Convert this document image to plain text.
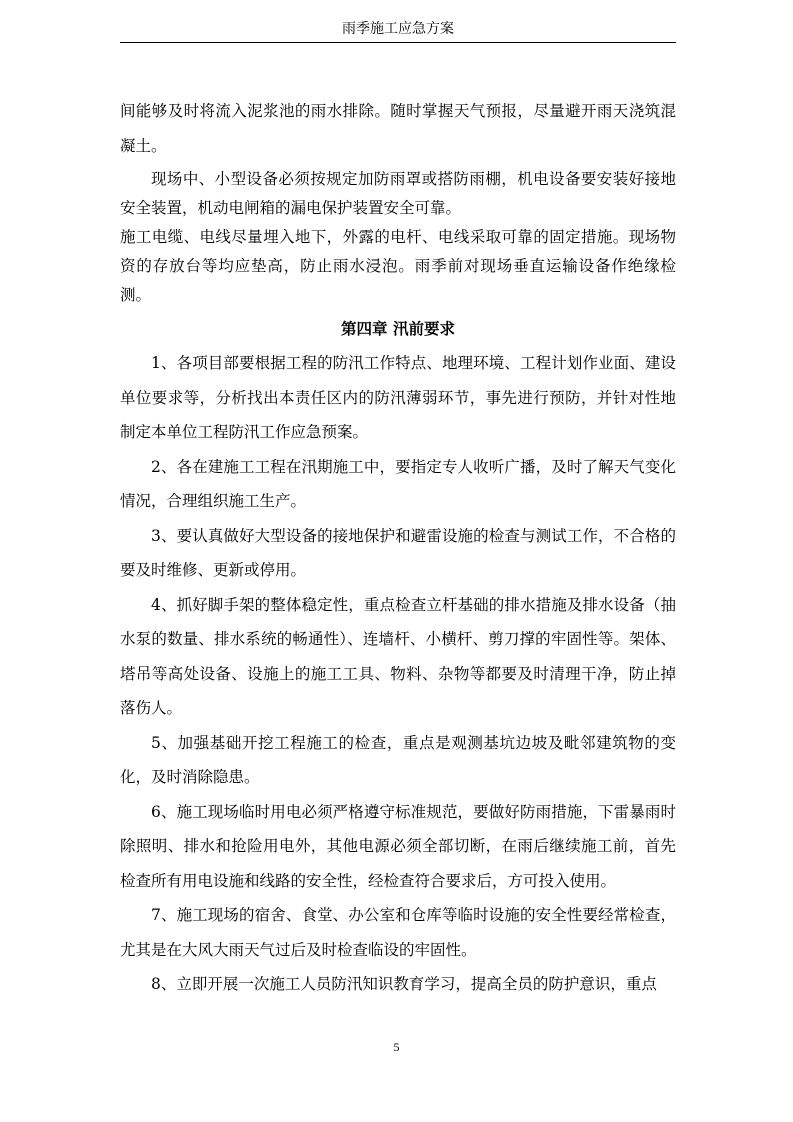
雨季施工应急方案

间能够及时将流入泥浆池的雨水排除。随时掌握天气预报，尽量避开雨天浇筑混凝土。

现场中、小型设备必须按规定加防雨罩或搭防雨棚，机电设备要安装好接地安全装置，机动电闸箱的漏电保护装置安全可靠。

施工电缆、电线尽量埋入地下，外露的电杆、电线采取可靠的固定措施。现场物资的存放台等均应垫高，防止雨水浸泡。雨季前对现场垂直运输设备作绝缘检测。

第四章 汛前要求

1、各项目部要根据工程的防汛工作特点、地理环境、工程计划作业面、建设单位要求等，分析找出本责任区内的防汛薄弱环节，事先进行预防，并针对性地制定本单位工程防汛工作应急预案。

2、各在建施工工程在汛期施工中，要指定专人收听广播，及时了解天气变化情况，合理组织施工生产。

3、要认真做好大型设备的接地保护和避雷设施的检查与测试工作，不合格的要及时维修、更新或停用。

4、抓好脚手架的整体稳定性，重点检查立杆基础的排水措施及排水设备（抽水泵的数量、排水系统的畅通性）、连墙杆、小横杆、剪刀撑的牢固性等。架体、塔吊等高处设备、设施上的施工工具、物料、杂物等都要及时清理干净，防止掉落伤人。

5、加强基础开挖工程施工的检查，重点是观测基坑边坡及毗邻建筑物的变化，及时消除隐患。

6、施工现场临时用电必须严格遵守标准规范，要做好防雨措施，下雷暴雨时除照明、排水和抢险用电外，其他电源必须全部切断，在雨后继续施工前，首先检查所有用电设施和线路的安全性，经检查符合要求后，方可投入使用。

7、施工现场的宿舍、食堂、办公室和仓库等临时设施的安全性要经常检查，尤其是在大风大雨天气过后及时检查临设的牢固性。

8、立即开展一次施工人员防汛知识教育学习，提高全员的防护意识，重点

5
